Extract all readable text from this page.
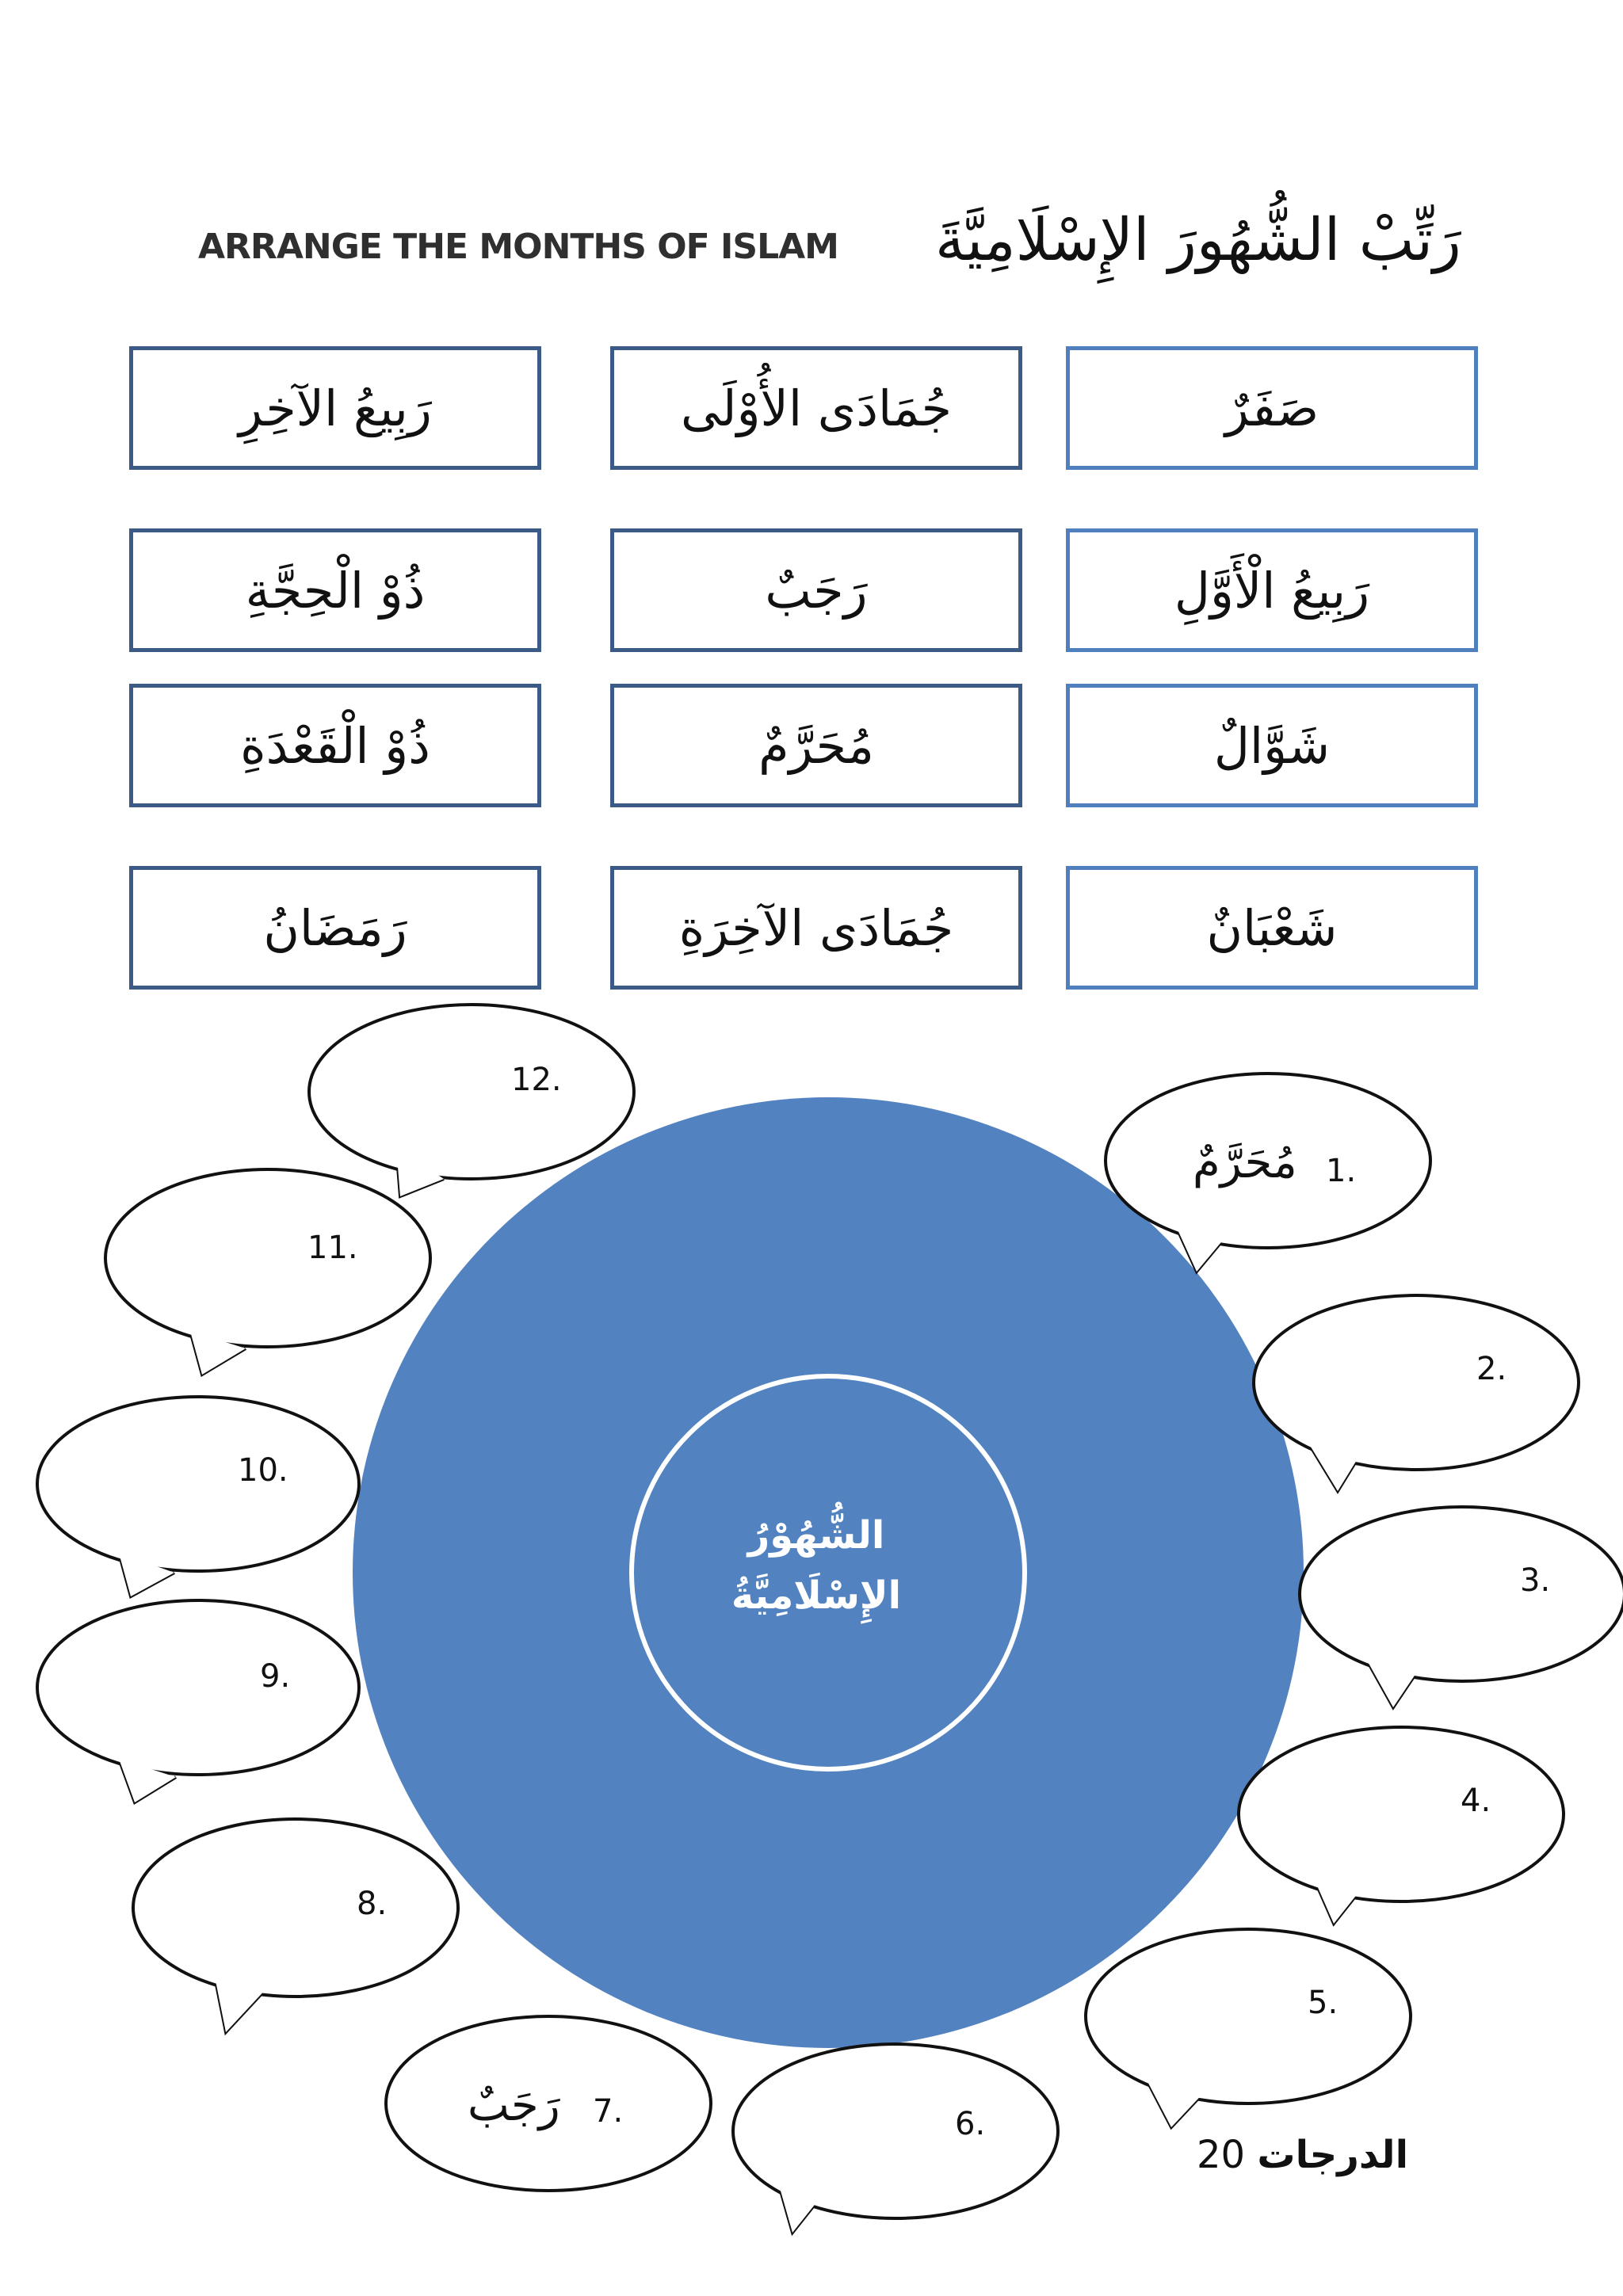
ARRANGE THE MONTHS OF ISLAM رَتِّبْ الشُّهُورَ الإِسْلَامِيَّةَ
رَبِيعُ الآخِرِ	جُمَادَى الأُوْلَى	صَفَرٌ
ذُوْ الْحِجَّةِ	رَجَبٌ	رَبِيعُ الْأَوَّلِ
ذُوْ الْقَعْدَةِ	مُحَرَّمٌ	شَوَّالٌ
رَمَضَانُ	جُمَادَى الآخِرَةِ	شَعْبَانٌ
الشُّهُوْرُ
الإِسْلَامِيَّةُ
12.
11.
10.
9.
8.
7.
رَجَبٌ	6.
5.
4.
3.
2.
1.
مُحَرَّمٌ
الدرجات 20
